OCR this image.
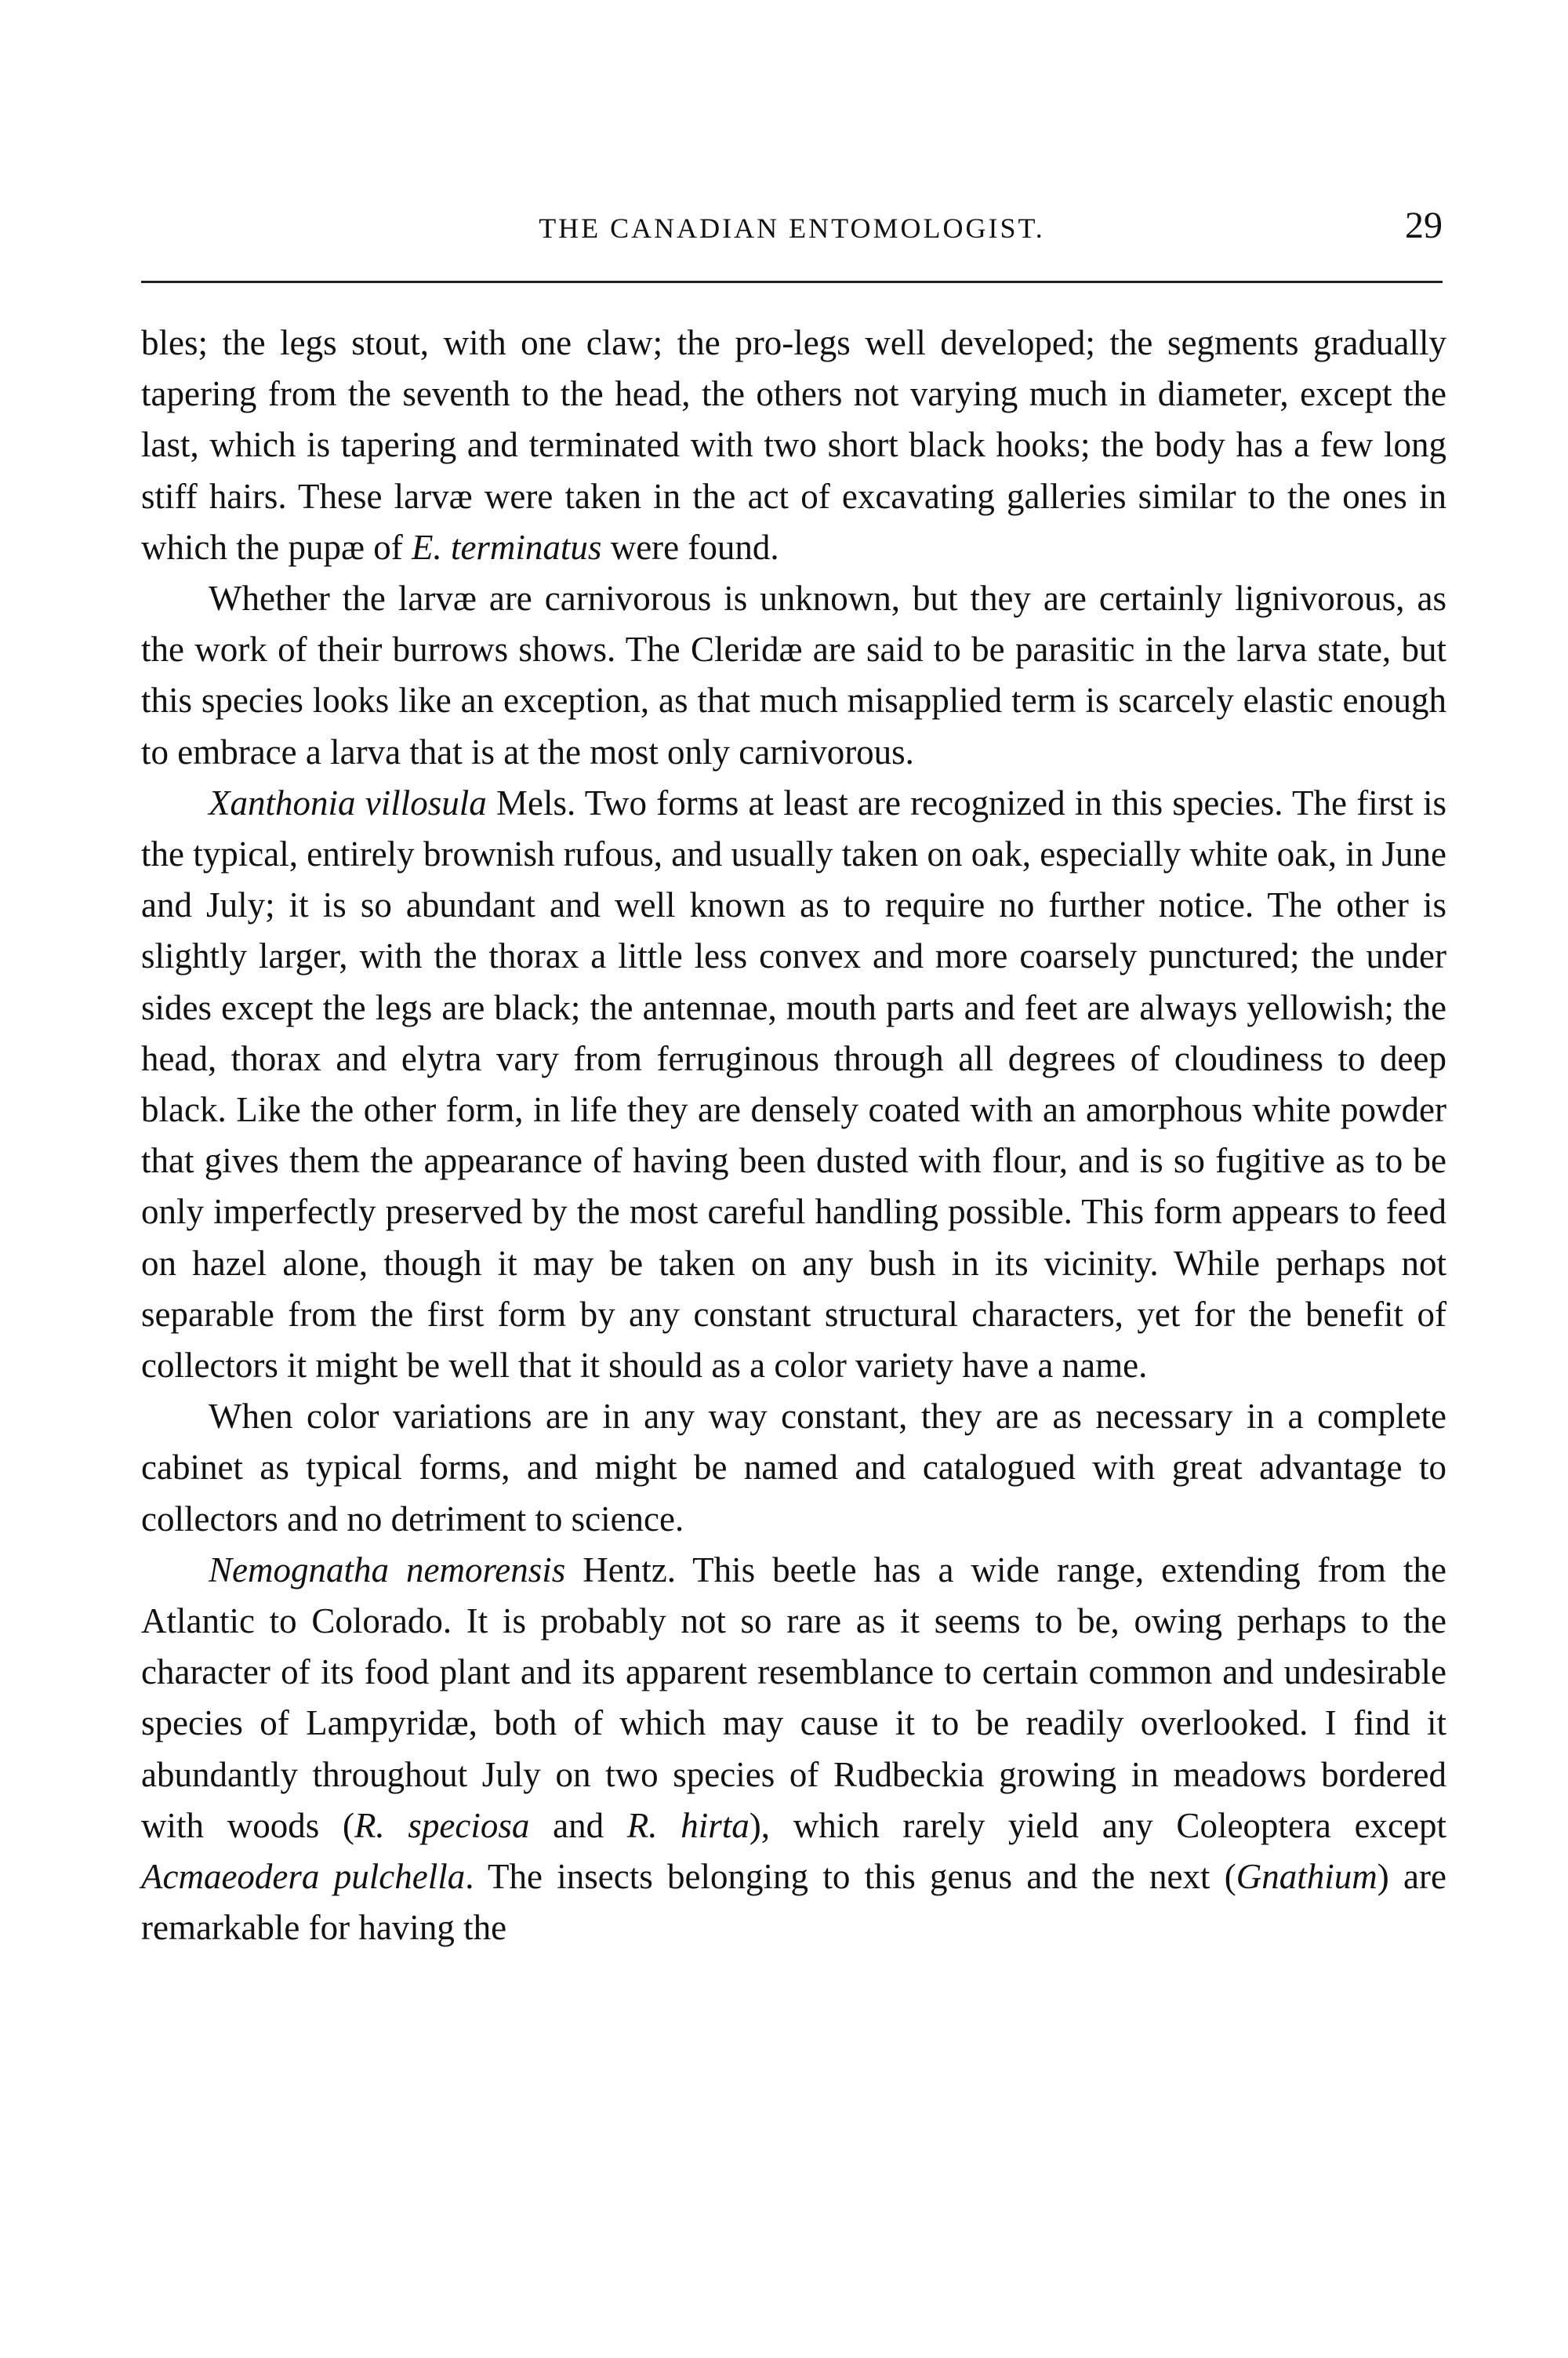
THE CANADIAN ENTOMOLOGIST.	29

bles; the legs stout, with one claw; the pro-legs well developed; the segments gradually tapering from the seventh to the head, the others not varying much in diameter, except the last, which is tapering and terminated with two short black hooks; the body has a few long stiff hairs. These larvæ were taken in the act of excavating galleries similar to the ones in which the pupæ of E. terminatus were found.

Whether the larvæ are carnivorous is unknown, but they are certainly lignivorous, as the work of their burrows shows. The Cleridæ are said to be parasitic in the larva state, but this species looks like an exception, as that much misapplied term is scarcely elastic enough to embrace a larva that is at the most only carnivorous.

Xanthonia villosula Mels. Two forms at least are recognized in this species. The first is the typical, entirely brownish rufous, and usually taken on oak, especially white oak, in June and July; it is so abundant and well known as to require no further notice. The other is slightly larger, with the thorax a little less convex and more coarsely punctured; the under sides except the legs are black; the antennae, mouth parts and feet are always yellowish; the head, thorax and elytra vary from ferruginous through all degrees of cloudiness to deep black. Like the other form, in life they are densely coated with an amorphous white powder that gives them the appearance of having been dusted with flour, and is so fugitive as to be only imperfectly preserved by the most careful handling possible. This form appears to feed on hazel alone, though it may be taken on any bush in its vicinity. While perhaps not separable from the first form by any constant structural characters, yet for the benefit of collectors it might be well that it should as a color variety have a name.

When color variations are in any way constant, they are as necessary in a complete cabinet as typical forms, and might be named and catalogued with great advantage to collectors and no detriment to science.

Nemognatha nemorensis Hentz. This beetle has a wide range, extending from the Atlantic to Colorado. It is probably not so rare as it seems to be, owing perhaps to the character of its food plant and its apparent resemblance to certain common and undesirable species of Lampyridæ, both of which may cause it to be readily overlooked. I find it abundantly throughout July on two species of Rudbeckia growing in meadows bordered with woods (R. speciosa and R. hirta), which rarely yield any Coleoptera except Acmaeodera pulchella. The insects belonging to this genus and the next (Gnathium) are remarkable for having the
